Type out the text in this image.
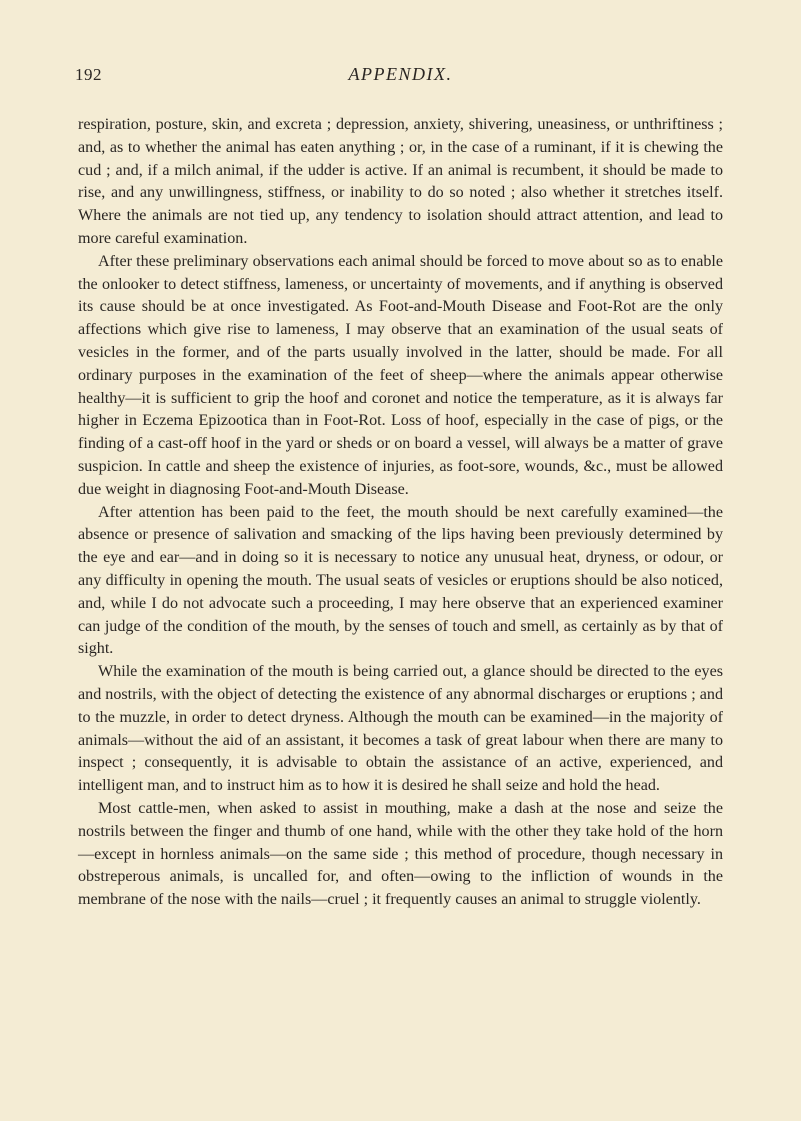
192	APPENDIX.

respiration, posture, skin, and excreta ; depression, anxiety, shivering, uneasiness, or unthriftiness ; and, as to whether the animal has eaten anything ; or, in the case of a ruminant, if it is chewing the cud ; and, if a milch animal, if the udder is active. If an animal is recumbent, it should be made to rise, and any unwillingness, stiffness, or inability to do so noted ; also whether it stretches itself. Where the animals are not tied up, any tendency to isolation should attract attention, and lead to more careful examination.

After these preliminary observations each animal should be forced to move about so as to enable the onlooker to detect stiffness, lameness, or uncertainty of movements, and if anything is observed its cause should be at once investigated. As Foot-and-Mouth Disease and Foot-Rot are the only affections which give rise to lameness, I may observe that an examination of the usual seats of vesicles in the former, and of the parts usually involved in the latter, should be made. For all ordinary purposes in the examination of the feet of sheep—where the animals appear otherwise healthy—it is sufficient to grip the hoof and coronet and notice the temperature, as it is always far higher in Eczema Epizootica than in Foot-Rot. Loss of hoof, especially in the case of pigs, or the finding of a cast-off hoof in the yard or sheds or on board a vessel, will always be a matter of grave suspicion. In cattle and sheep the existence of injuries, as foot-sore, wounds, &c., must be allowed due weight in diagnosing Foot-and-Mouth Disease.

After attention has been paid to the feet, the mouth should be next carefully examined—the absence or presence of salivation and smacking of the lips having been previously determined by the eye and ear—and in doing so it is necessary to notice any unusual heat, dryness, or odour, or any difficulty in opening the mouth. The usual seats of vesicles or eruptions should be also noticed, and, while I do not advocate such a proceeding, I may here observe that an experienced examiner can judge of the condition of the mouth, by the senses of touch and smell, as certainly as by that of sight.

While the examination of the mouth is being carried out, a glance should be directed to the eyes and nostrils, with the object of detecting the existence of any abnormal discharges or eruptions ; and to the muzzle, in order to detect dryness. Although the mouth can be examined—in the majority of animals—without the aid of an assistant, it becomes a task of great labour when there are many to inspect ; consequently, it is advisable to obtain the assistance of an active, experienced, and intelligent man, and to instruct him as to how it is desired he shall seize and hold the head.

Most cattle-men, when asked to assist in mouthing, make a dash at the nose and seize the nostrils between the finger and thumb of one hand, while with the other they take hold of the horn—except in hornless animals—on the same side ; this method of procedure, though necessary in obstreperous animals, is uncalled for, and often—owing to the infliction of wounds in the membrane of the nose with the nails—cruel ; it frequently causes an animal to struggle violently.
